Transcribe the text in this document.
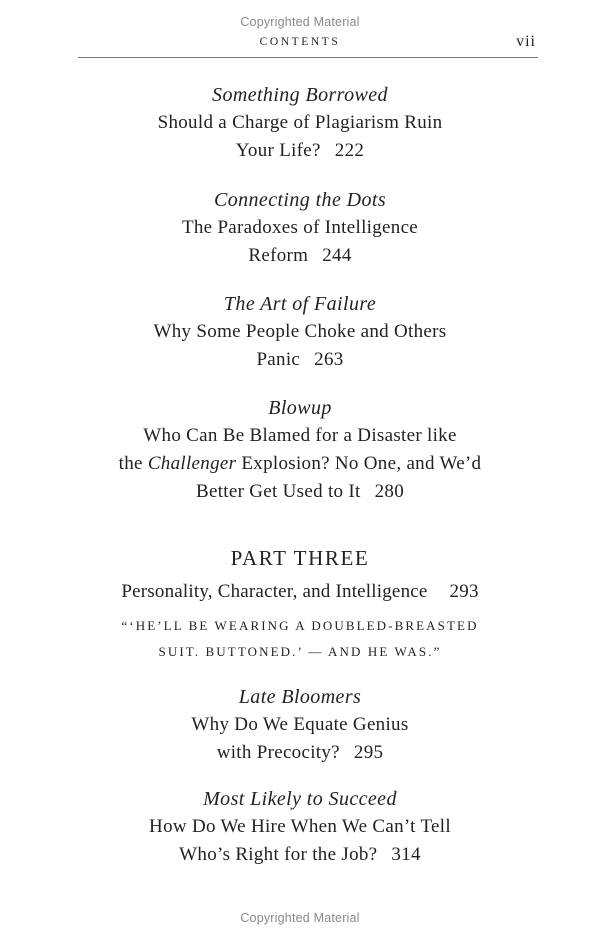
Copyrighted Material
CONTENTS	vii
Something Borrowed
Should a Charge of Plagiarism Ruin
Your Life? 222
Connecting the Dots
The Paradoxes of Intelligence
Reform 244
The Art of Failure
Why Some People Choke and Others
Panic 263
Blowup
Who Can Be Blamed for a Disaster like
the Challenger Explosion? No One, and We’d
Better Get Used to It 280
PART THREE
Personality, Character, and Intelligence 293
“‘HE’LL BE WEARING A DOUBLED-BREASTED
SUIT. BUTTONED.’ — AND HE WAS.”
Late Bloomers
Why Do We Equate Genius
with Precocity? 295
Most Likely to Succeed
How Do We Hire When We Can’t Tell
Who’s Right for the Job? 314
Copyrighted Material
